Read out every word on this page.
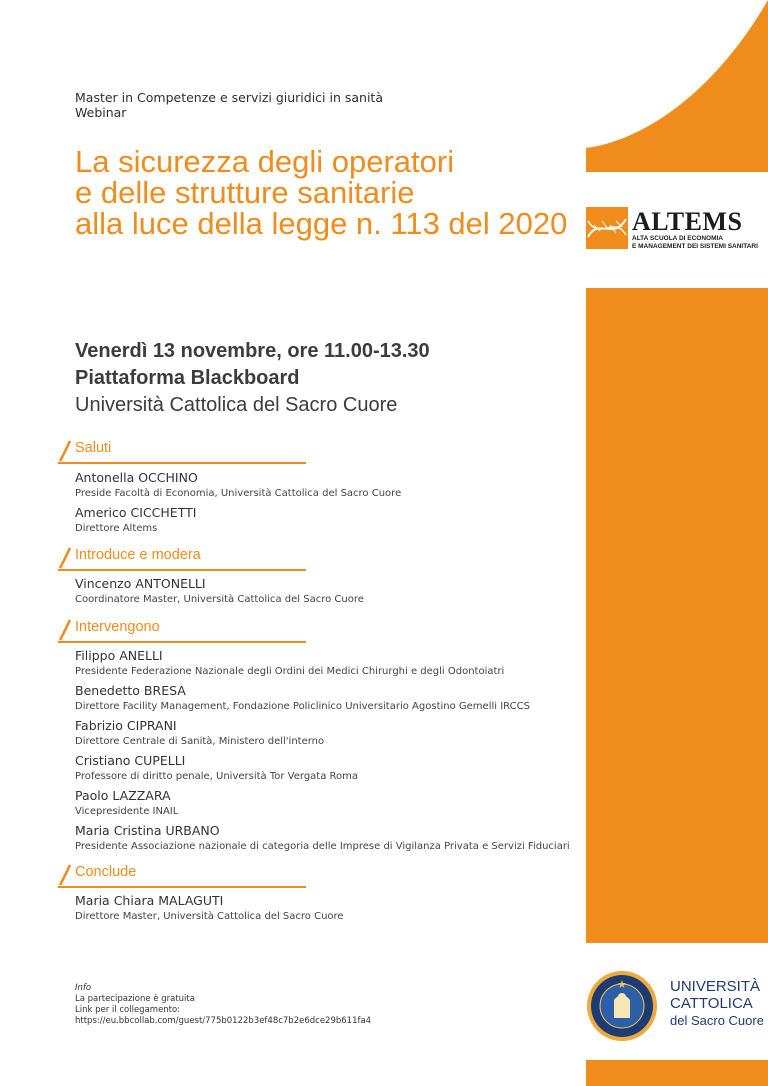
Master in Competenze e servizi giuridici in sanità
Webinar
La sicurezza degli operatori
e delle strutture sanitarie
alla luce della legge n. 113 del 2020 ALTEMS
ALTA SCUOLA DI ECONOMIA
E MANAGEMENT DEI SISTEMI SANITARI
Venerdì 13 novembre, ore 11.00-13.30
Piattaforma Blackboard
Università Cattolica del Sacro Cuore
Saluti
Antonella OCCHINO
Preside Facoltà di Economia, Università Cattolica del Sacro Cuore
Americo CICCHETTI
Direttore Altems
Introduce e modera
Vincenzo ANTONELLI
Coordinatore Master, Università Cattolica del Sacro Cuore
Intervengono
Filippo ANELLI
Presidente Federazione Nazionale degli Ordini dei Medici Chirurghi e degli Odontoiatri
Benedetto BRESA
Direttore Facility Management, Fondazione Policlinico Universitario Agostino Gemelli IRCCS
Fabrizio CIPRANI
Direttore Centrale di Sanità, Ministero dell'interno
Cristiano CUPELLI
Professore di diritto penale, Università Tor Vergata Roma
Paolo LAZZARA
Vicepresidente INAIL
Maria Cristina URBANO
Presidente Associazione nazionale di categoria delle Imprese di Vigilanza Privata e Servizi Fiduciari
Conclude
Maria Chiara MALAGUTI
Direttore Master, Università Cattolica del Sacro Cuore
Info
La partecipazione è gratuita
Link per il collegamento:
https://eu.bbcollab.com/guest/775b0122b3ef48c7b2e6dce29b611fa4
UNIVERSITÀ
CATTOLICA
del Sacro Cuore
